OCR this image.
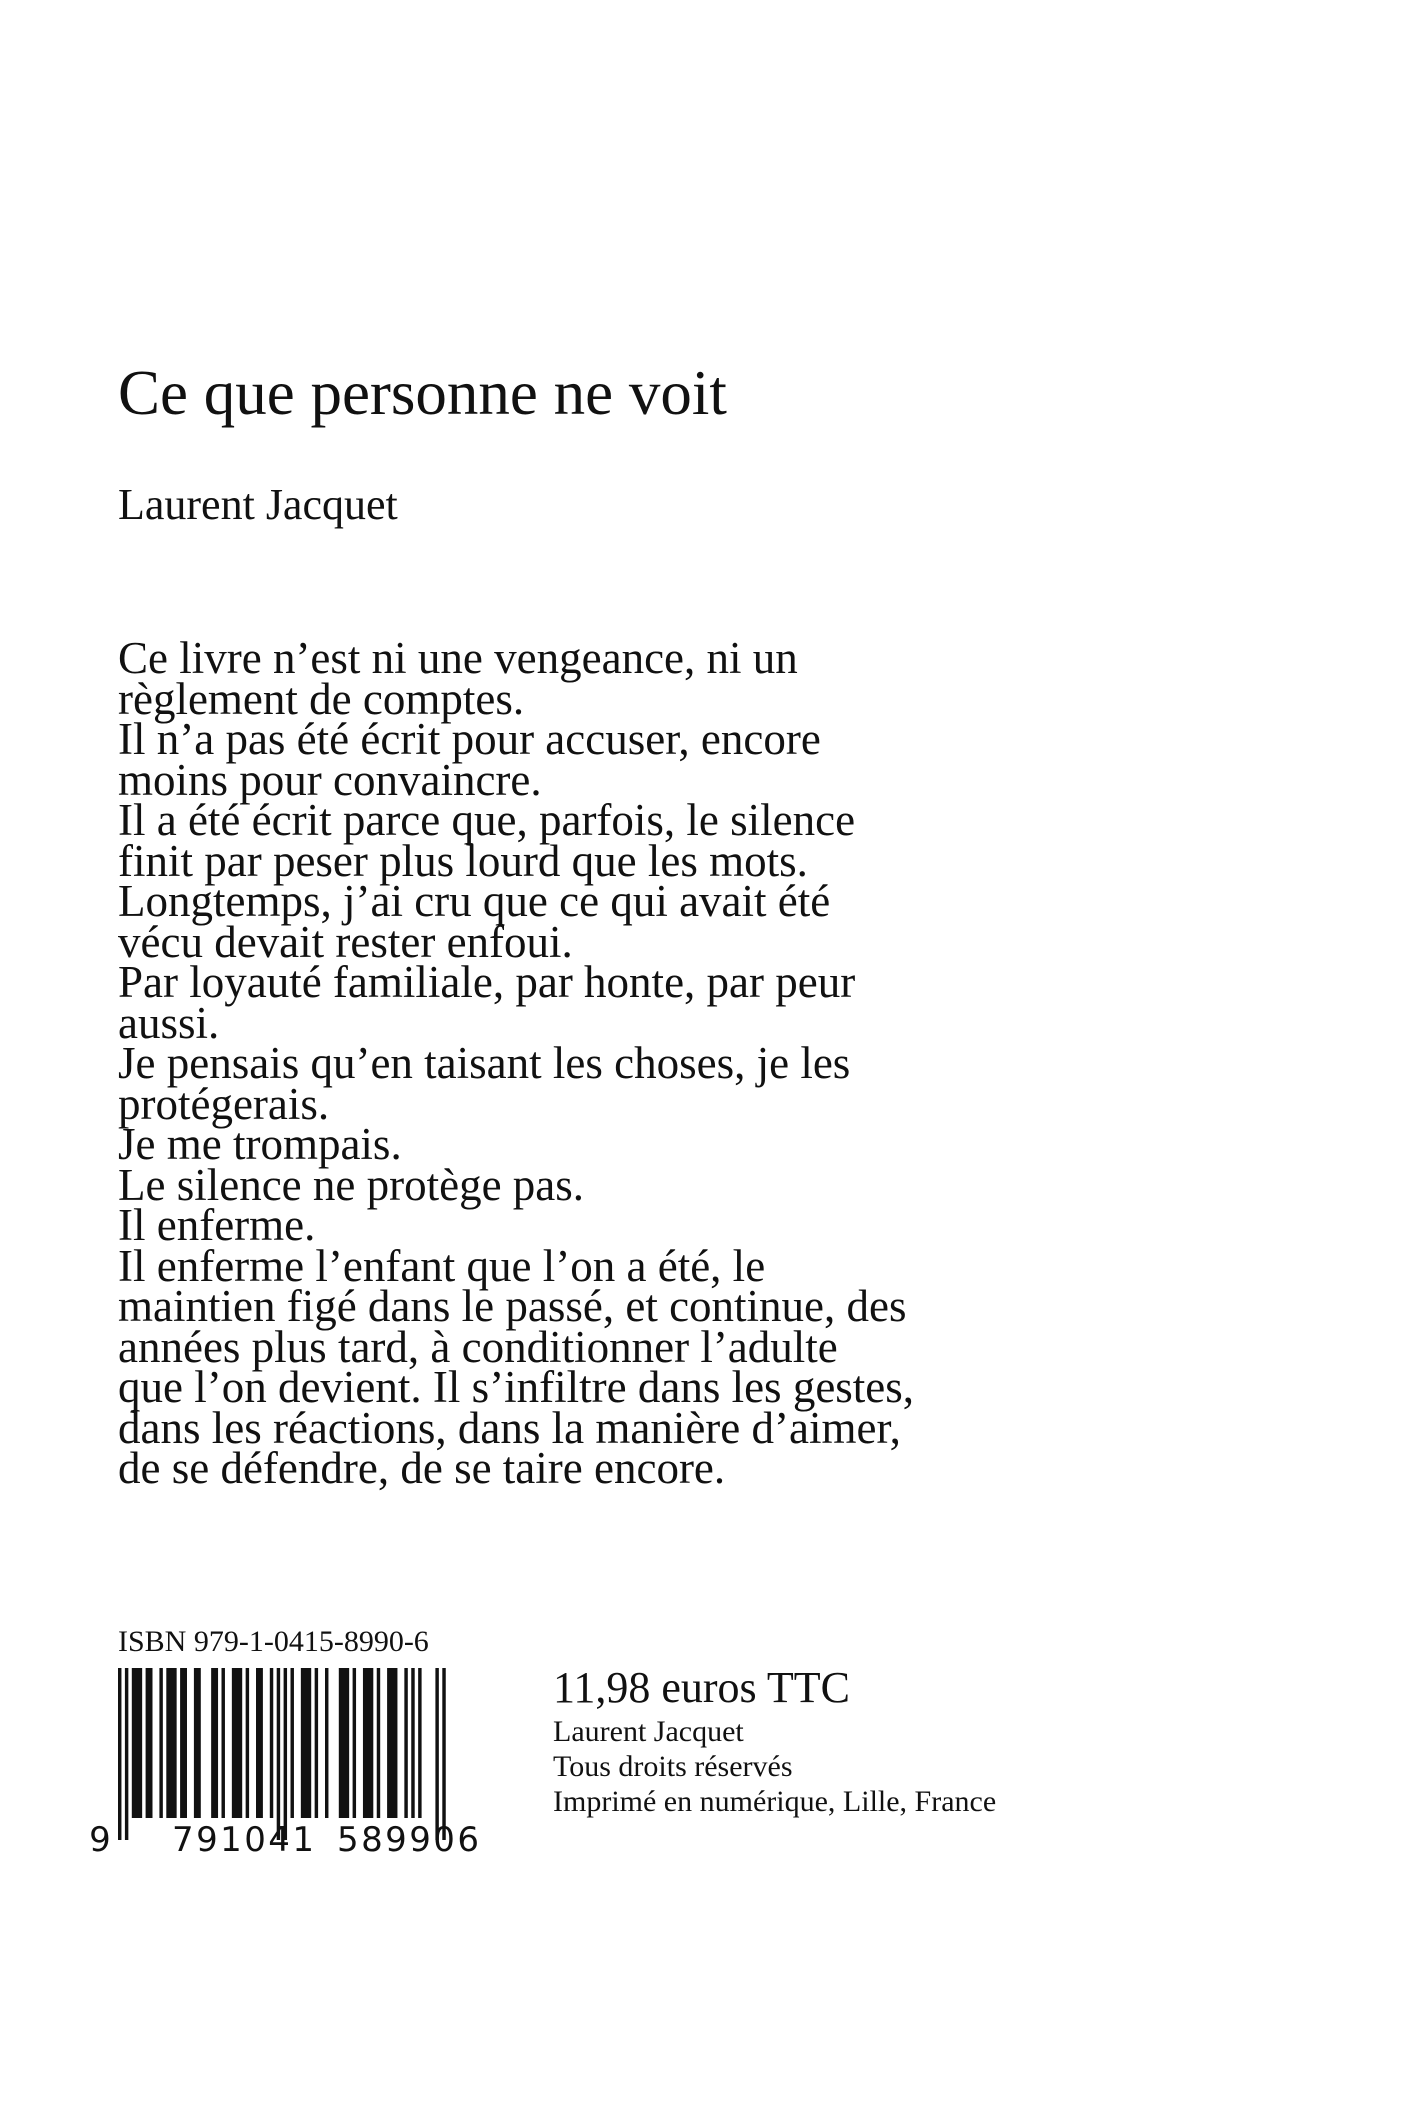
Ce que personne ne voit
Laurent Jacquet
Ce livre n’est ni une vengeance, ni un
règlement de comptes.
Il n’a pas été écrit pour accuser, encore
moins pour convaincre.
Il a été écrit parce que, parfois, le silence
finit par peser plus lourd que les mots.
Longtemps, j’ai cru que ce qui avait été
vécu devait rester enfoui.
Par loyauté familiale, par honte, par peur
aussi.
Je pensais qu’en taisant les choses, je les
protégerais.
Je me trompais.
Le silence ne protège pas.
Il enferme.
Il enferme l’enfant que l’on a été, le
maintien figé dans le passé, et continue, des
années plus tard, à conditionner l’adulte
que l’on devient. Il s’infiltre dans les gestes,
dans les réactions, dans la manière d’aimer,
de se défendre, de se taire encore.
ISBN 979-1-0415-8990-6
9 791041 589906
11,98 euros TTC
Laurent Jacquet
Tous droits réservés
Imprimé en numérique, Lille, France
